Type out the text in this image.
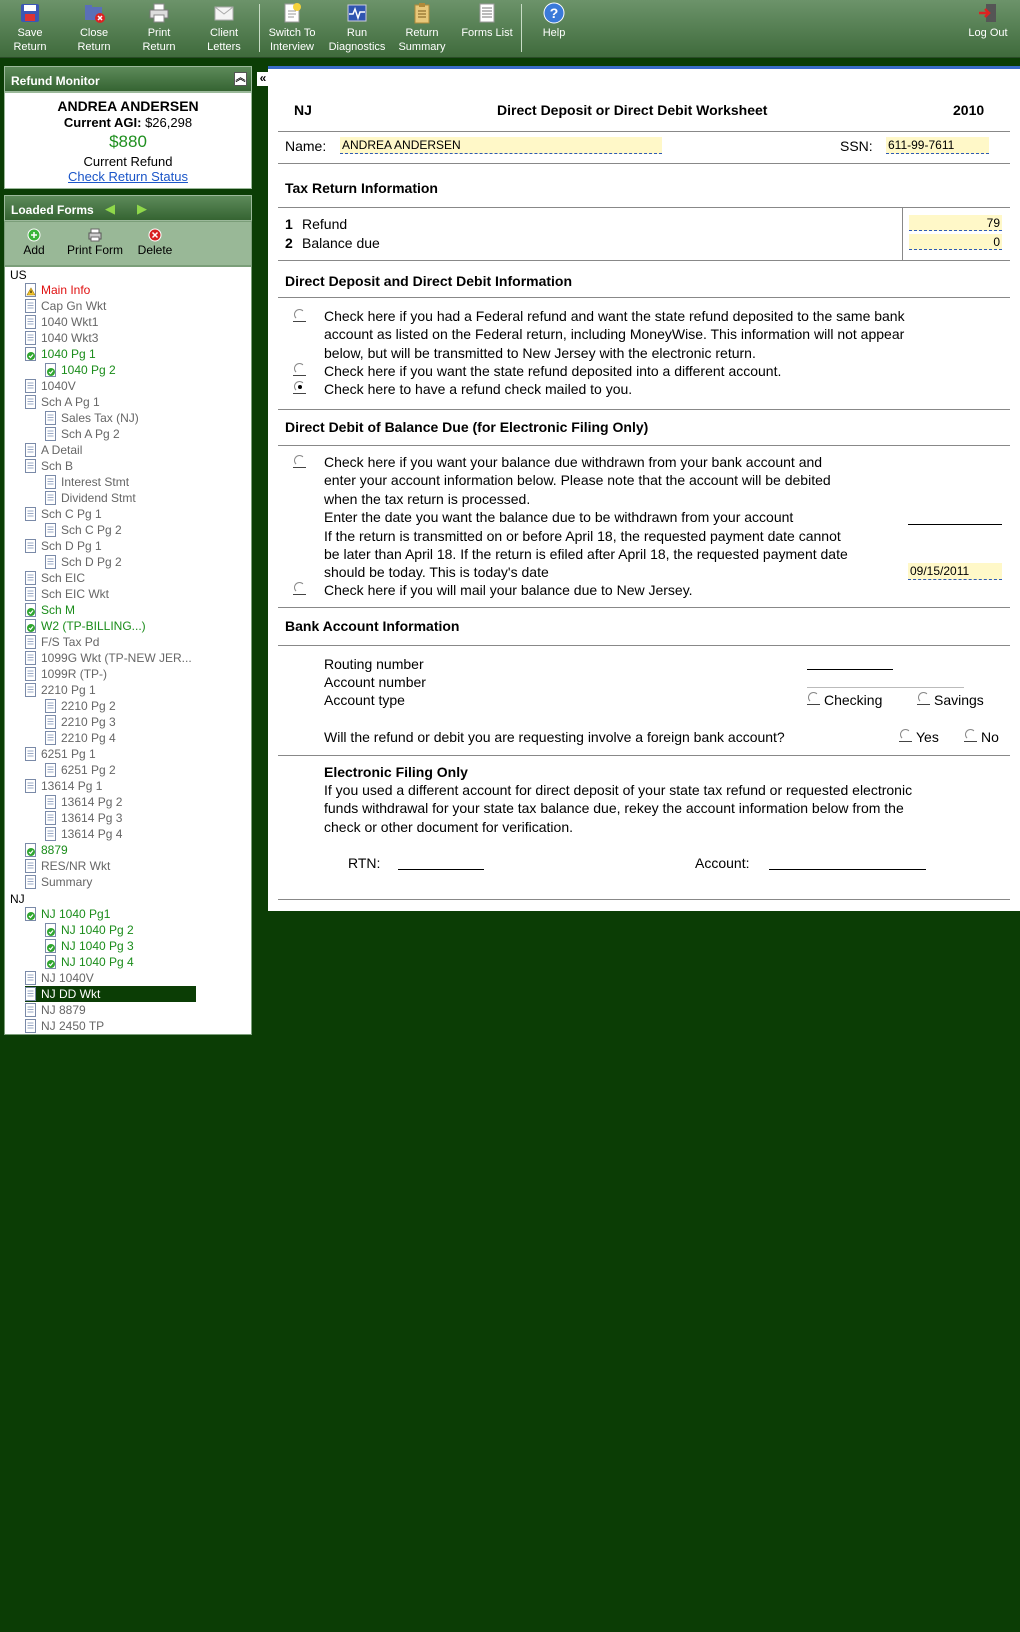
Save Return
Close Return
Print Return
Client Letters
Switch To Interview
Run Diagnostics
Return Summary
Forms List
?
Help	Log Out
Refund Monitor	︽
ANDREA ANDERSEN
Current AGI: $26,298
$880
Current Refund
Check Return Status
Loaded Forms ◀ ▶
Add	Print Form	Delete
US
Main Info
Cap Gn Wkt
1040 Wkt1
1040 Wkt3
1040 Pg 1
1040 Pg 2
1040V
Sch A Pg 1
Sales Tax (NJ)
Sch A Pg 2
A Detail
Sch B
Interest Stmt
Dividend Stmt
Sch C Pg 1
Sch C Pg 2
Sch D Pg 1
Sch D Pg 2
Sch EIC
Sch EIC Wkt
Sch M
W2 (TP-BILLING...)
F/S Tax Pd
1099G Wkt (TP-NEW JER...
1099R (TP-)
2210 Pg 1
2210 Pg 2
2210 Pg 3
2210 Pg 4
6251 Pg 1
6251 Pg 2
13614 Pg 1
13614 Pg 2
13614 Pg 3
13614 Pg 4
8879
RES/NR Wkt
Summary
NJ
NJ 1040 Pg1
NJ 1040 Pg 2
NJ 1040 Pg 3
NJ 1040 Pg 4
NJ 1040V
NJ DD Wkt
NJ 8879
NJ 2450 TP
«
NJ	Direct Deposit or Direct Debit Worksheet	2010
Name: ANDREA ANDERSEN	SSN: 611-99-7611
Tax Return Information
1 Refund	79
2 Balance due	0
Direct Deposit and Direct Debit Information
Check here if you had a Federal refund and want the state refund deposited to the same bank
account as listed on the Federal return, including MoneyWise. This information will not appear
below, but will be transmitted to New Jersey with the electronic return.
Check here if you want the state refund deposited into a different account.
Check here to have a refund check mailed to you.
Direct Debit of Balance Due (for Electronic Filing Only)
Check here if you want your balance due withdrawn from your bank account and
enter your account information below. Please note that the account will be debited
when the tax return is processed.
Enter the date you want the balance due to be withdrawn from your account
If the return is transmitted on or before April 18, the requested payment date cannot
be later than April 18. If the return is efiled after April 18, the requested payment date
should be today. This is today's date	09/15/2011
Check here if you will mail your balance due to New Jersey.
Bank Account Information
Routing number
Account number
Account type	Checking	Savings
Will the refund or debit you are requesting involve a foreign bank account?	Yes	No
Electronic Filing Only
If you used a different account for direct deposit of your state tax refund or requested electronic
funds withdrawal for your state tax balance due, rekey the account information below from the
check or other document for verification.
RTN:	Account:
